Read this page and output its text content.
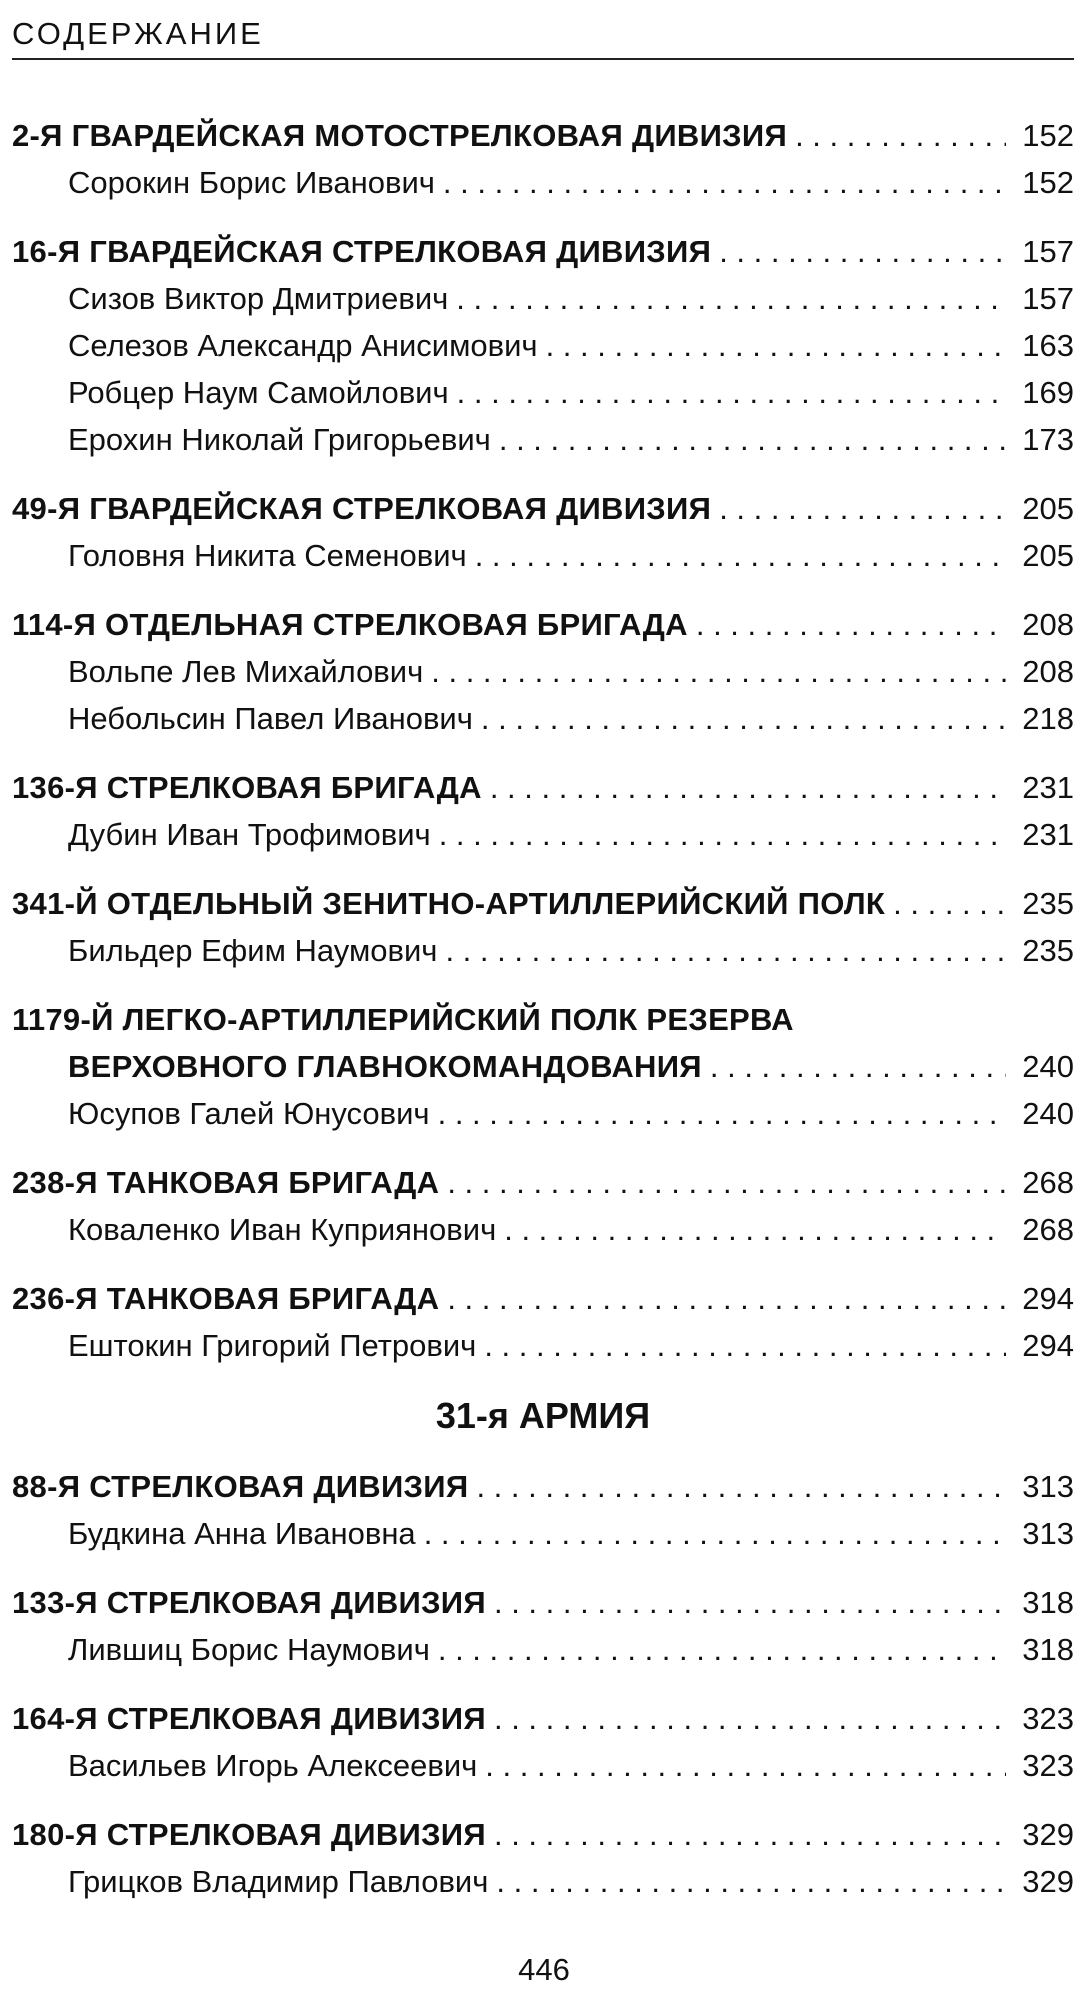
СОДЕРЖАНИЕ
2-Я ГВАРДЕЙСКАЯ МОТОСТРЕЛКОВАЯ ДИВИЗИЯ . . .	152
Сорокин Борис Иванович . . .	152
16-Я ГВАРДЕЙСКАЯ СТРЕЛКОВАЯ ДИВИЗИЯ . . .	157
Сизов Виктор Дмитриевич . . .	157
Селезов Александр Анисимович . . .	163
Робцер Наум Самойлович . . .	169
Ерохин Николай Григорьевич . . .	173
49-Я ГВАРДЕЙСКАЯ СТРЕЛКОВАЯ ДИВИЗИЯ . . .	205
Головня Никита Семенович . . .	205
114-Я ОТДЕЛЬНАЯ СТРЕЛКОВАЯ БРИГАДА . . .	208
Вольпе Лев Михайлович . . .	208
Небольсин Павел Иванович . . .	218
136-Я СТРЕЛКОВАЯ БРИГАДА . . .	231
Дубин Иван Трофимович . . .	231
341-Й ОТДЕЛЬНЫЙ ЗЕНИТНО-АРТИЛЛЕРИЙСКИЙ ПОЛК . . .	235
Бильдер Ефим Наумович . . .	235
1179-Й ЛЕГКО-АРТИЛЛЕРИЙСКИЙ ПОЛК РЕЗЕРВА
ВЕРХОВНОГО ГЛАВНОКОМАНДОВАНИЯ . . .	240
Юсупов Галей Юнусович . . .	240
238-Я ТАНКОВАЯ БРИГАДА . . .	268
Коваленко Иван Куприянович . . .	268
236-Я ТАНКОВАЯ БРИГАДА . . .	294
Ештокин Григорий Петрович . . .	294
31-я АРМИЯ
88-Я СТРЕЛКОВАЯ ДИВИЗИЯ . . .	313
Будкина Анна Ивановна . . .	313
133-Я СТРЕЛКОВАЯ ДИВИЗИЯ . . .	318
Лившиц Борис Наумович . . .	318
164-Я СТРЕЛКОВАЯ ДИВИЗИЯ . . .	323
Васильев Игорь Алексеевич . . .	323
180-Я СТРЕЛКОВАЯ ДИВИЗИЯ . . .	329
Грицков Владимир Павлович . . .	329
446
